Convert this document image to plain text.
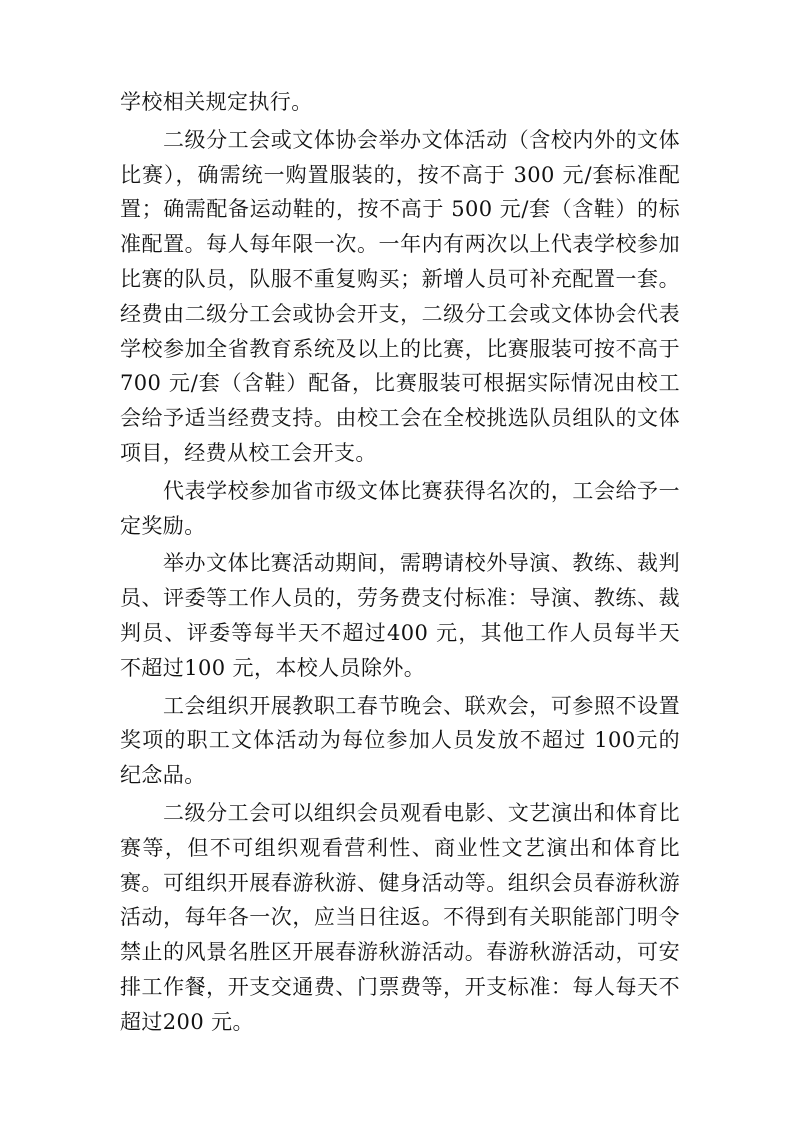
学校相关规定执行。

二级分工会或文体协会举办文体活动（含校内外的文体比赛），确需统一购置服装的，按不高于 300 元/套标准配置；确需配备运动鞋的，按不高于 500 元/套（含鞋）的标准配置。每人每年限一次。一年内有两次以上代表学校参加比赛的队员，队服不重复购买；新增人员可补充配置一套。经费由二级分工会或协会开支，二级分工会或文体协会代表学校参加全省教育系统及以上的比赛，比赛服装可按不高于 700 元/套（含鞋）配备，比赛服装可根据实际情况由校工会给予适当经费支持。由校工会在全校挑选队员组队的文体项目，经费从校工会开支。

代表学校参加省市级文体比赛获得名次的，工会给予一定奖励。

举办文体比赛活动期间，需聘请校外导演、教练、裁判员、评委等工作人员的，劳务费支付标准：导演、教练、裁判员、评委等每半天不超过400 元，其他工作人员每半天不超过100 元，本校人员除外。

工会组织开展教职工春节晚会、联欢会，可参照不设置奖项的职工文体活动为每位参加人员发放不超过 100元的纪念品。

二级分工会可以组织会员观看电影、文艺演出和体育比赛等，但不可组织观看营利性、商业性文艺演出和体育比赛。可组织开展春游秋游、健身活动等。组织会员春游秋游活动，每年各一次，应当日往返。不得到有关职能部门明令禁止的风景名胜区开展春游秋游活动。春游秋游活动，可安排工作餐，开支交通费、门票费等，开支标准：每人每天不超过200 元。
